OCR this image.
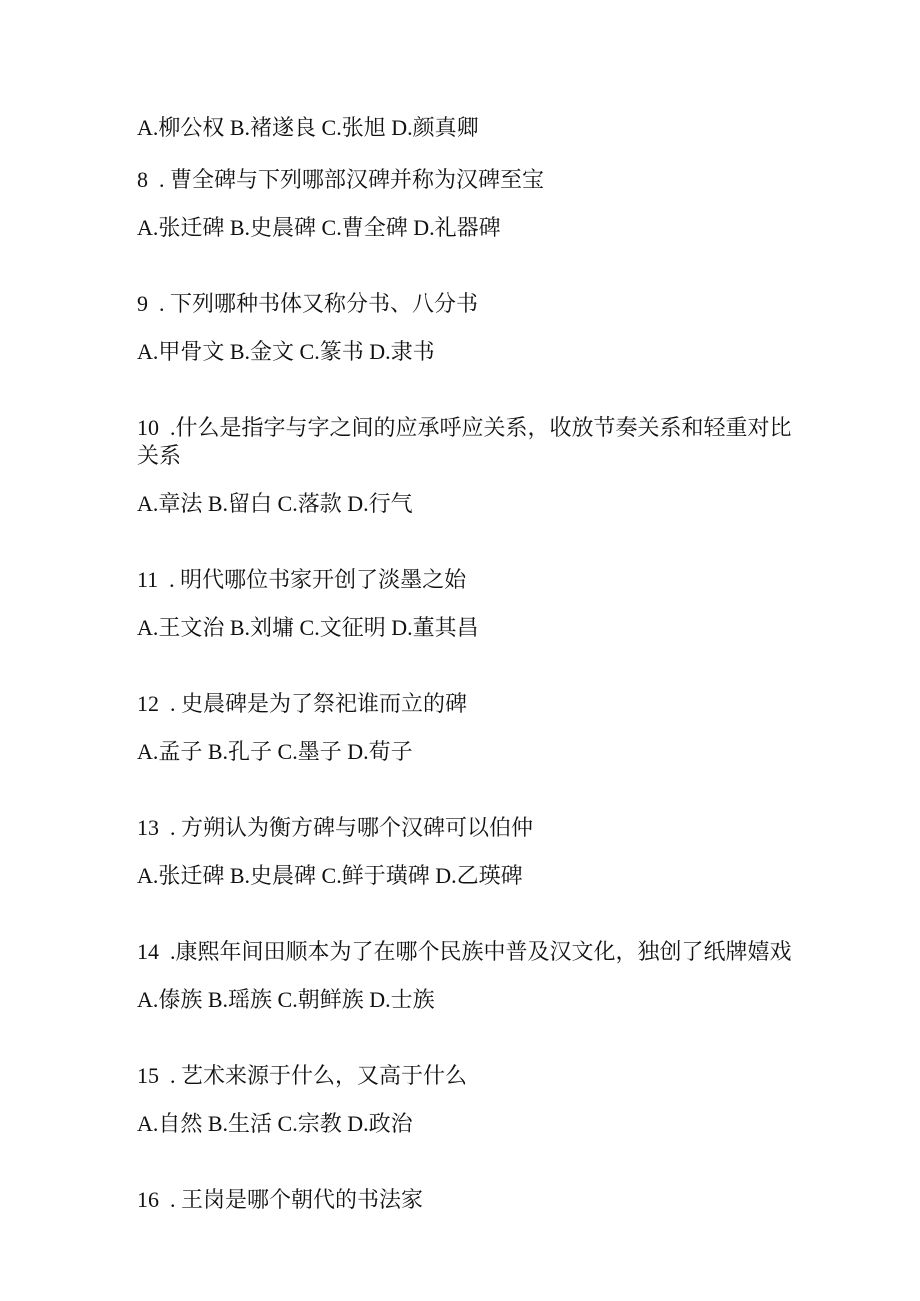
A.柳公权 B.褚遂良 C.张旭 D.颜真卿

8  . 曹全碑与下列哪部汉碑并称为汉碑至宝

A.张迁碑 B.史晨碑 C.曹全碑 D.礼器碑

9  . 下列哪种书体又称分书、八分书

A.甲骨文 B.金文 C.篆书 D.隶书

10  .什么是指字与字之间的应承呼应关系，收放节奏关系和轻重对比关系

A.章法 B.留白 C.落款 D.行气

11  . 明代哪位书家开创了淡墨之始

A.王文治 B.刘墉 C.文征明 D.董其昌

12  . 史晨碑是为了祭祀谁而立的碑

A.孟子 B.孔子 C.墨子 D.荀子

13  . 方朔认为衡方碑与哪个汉碑可以伯仲

A.张迁碑 B.史晨碑 C.鲜于璜碑 D.乙瑛碑

14  .康熙年间田顺本为了在哪个民族中普及汉文化，独创了纸牌嬉戏

A.傣族 B.瑶族 C.朝鲜族 D.士族

15  . 艺术来源于什么，又高于什么

A.自然 B.生活 C.宗教 D.政治

16  . 王岗是哪个朝代的书法家
